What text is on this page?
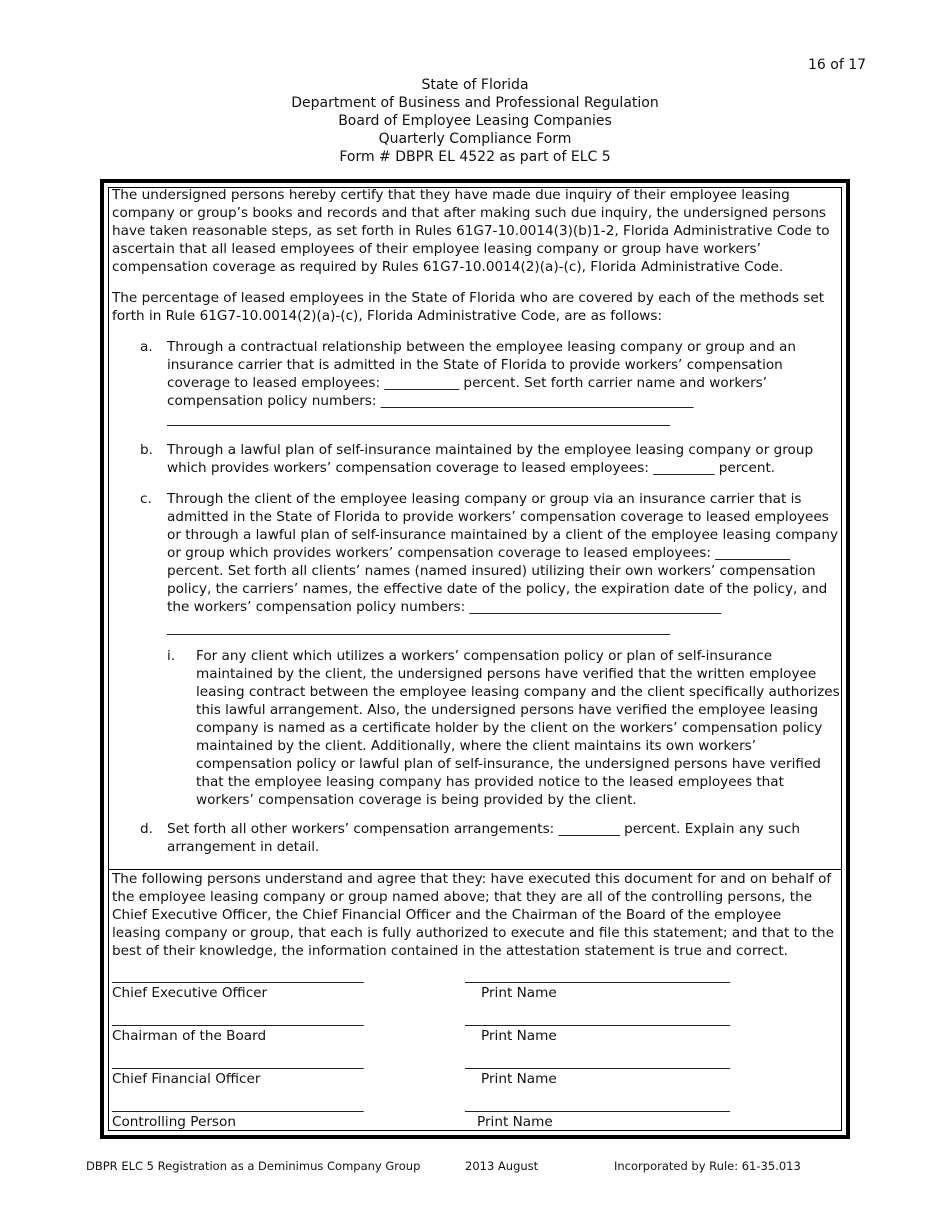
16 of 17
State of Florida
Department of Business and Professional Regulation
Board of Employee Leasing Companies
Quarterly Compliance Form
Form # DBPR EL 4522 as part of ELC 5
The undersigned persons hereby certify that they have made due inquiry of their employee leasing
company or group’s books and records and that after making such due inquiry, the undersigned persons
have taken reasonable steps, as set forth in Rules 61G7-10.0014(3)(b)1-2, Florida Administrative Code to
ascertain that all leased employees of their employee leasing company or group have workers’
compensation coverage as required by Rules 61G7-10.0014(2)(a)-(c), Florida Administrative Code.
The percentage of leased employees in the State of Florida who are covered by each of the methods set
forth in Rule 61G7-10.0014(2)(a)-(c), Florida Administrative Code, are as follows:
a. Through a contractual relationship between the employee leasing company or group and an
insurance carrier that is admitted in the State of Florida to provide workers’ compensation
coverage to leased employees: ___________ percent. Set forth carrier name and workers’
compensation policy numbers: ______________________________________________
__________________________________________________________________________
b. Through a lawful plan of self-insurance maintained by the employee leasing company or group
which provides workers’ compensation coverage to leased employees: _________ percent.
c. Through the client of the employee leasing company or group via an insurance carrier that is
admitted in the State of Florida to provide workers’ compensation coverage to leased employees
or through a lawful plan of self-insurance maintained by a client of the employee leasing company
or group which provides workers’ compensation coverage to leased employees: ___________
percent. Set forth all clients’ names (named insured) utilizing their own workers’ compensation
policy, the carriers’ names, the effective date of the policy, the expiration date of the policy, and
the workers’ compensation policy numbers: _____________________________________
__________________________________________________________________________
i. For any client which utilizes a workers’ compensation policy or plan of self-insurance
maintained by the client, the undersigned persons have verified that the written employee
leasing contract between the employee leasing company and the client specifically authorizes
this lawful arrangement. Also, the undersigned persons have verified the employee leasing
company is named as a certificate holder by the client on the workers’ compensation policy
maintained by the client. Additionally, where the client maintains its own workers’
compensation policy or lawful plan of self-insurance, the undersigned persons have verified
that the employee leasing company has provided notice to the leased employees that
workers’ compensation coverage is being provided by the client.
d. Set forth all other workers’ compensation arrangements: _________ percent. Explain any such
arrangement in detail.
The following persons understand and agree that they: have executed this document for and on behalf of
the employee leasing company or group named above; that they are all of the controlling persons, the
Chief Executive Officer, the Chief Financial Officer and the Chairman of the Board of the employee
leasing company or group, that each is fully authorized to execute and file this statement; and that to the
best of their knowledge, the information contained in the attestation statement is true and correct.
_____________________________________	_______________________________________
Chief Executive Officer	Print Name
_____________________________________	_______________________________________
Chairman of the Board	Print Name
_____________________________________	_______________________________________
Chief Financial Officer	Print Name
_____________________________________	_______________________________________
Controlling Person	Print Name
DBPR ELC 5 Registration as a Deminimus Company Group	2013 August	Incorporated by Rule: 61-35.013
